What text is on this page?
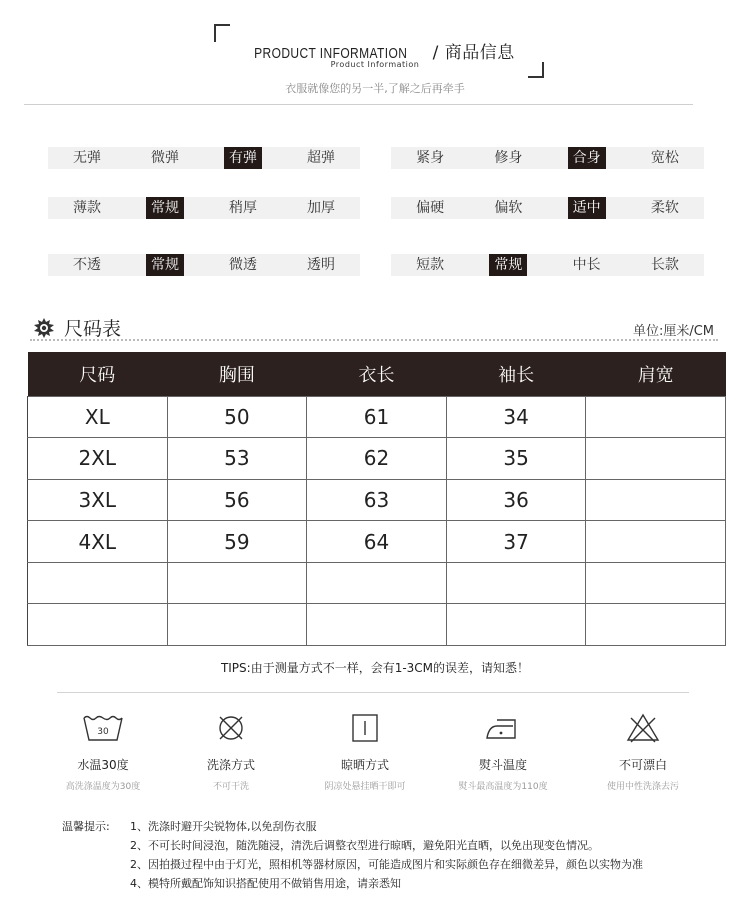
PRODUCT INFORMATION / 商品信息
Product Information
衣服就像您的另一半,了解之后再牵手
无弹	微弹	有弹	超弹	紧身	修身	合身	宽松
薄款	常规	稍厚	加厚	偏硬	偏软	适中	柔软
不透	常规	微透	透明	短款	常规	中长	长款
尺码表	单位:厘米/CM
尺码	胸围	衣长	袖长	肩宽
XL	50	61	34	
2XL	53	62	35	
3XL	56	63	36	
4XL	59	64	37	

TIPS:由于测量方式不一样，会有1-3CM的误差，请知悉！
30
水温30度
高洗涤温度为30度
洗涤方式
不可干洗
晾晒方式
阴凉处悬挂晒干即可
熨斗温度
熨斗最高温度为110度
不可漂白
使用中性洗涤去污
温馨提示: 1、洗涤时避开尖锐物体,以免刮伤衣服
2、不可长时间浸泡，随洗随浸，清洗后调整衣型进行晾晒，避免阳光直晒，以免出现变色情况。
2、因拍摄过程中由于灯光，照相机等器材原因，可能造成图片和实际颜色存在细微差异，颜色以实物为准
4、模特所戴配饰知识搭配使用不做销售用途，请亲悉知
